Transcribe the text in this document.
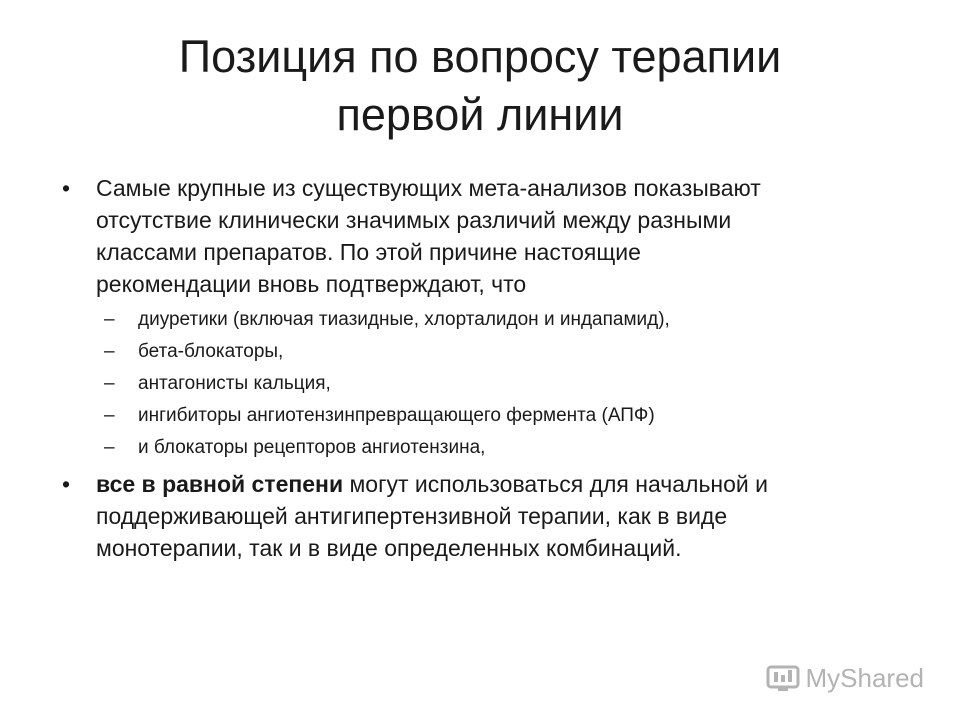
Позиция по вопросу терапии
первой линии

• Самые крупные из существующих мета-анализов показывают
отсутствие клинически значимых различий между разными
классами препаратов. По этой причине настоящие
рекомендации вновь подтверждают, что

– диуретики (включая тиазидные, хлорталидон и индапамид),
– бета-блокаторы,
– антагонисты кальция,
– ингибиторы ангиотензинпревращающего фермента (АПФ)
– и блокаторы рецепторов ангиотензина,

• все в равной степени могут использоваться для начальной и
поддерживающей антигипертензивной терапии, как в виде
монотерапии, так и в виде определенных комбинаций.

MyShared
